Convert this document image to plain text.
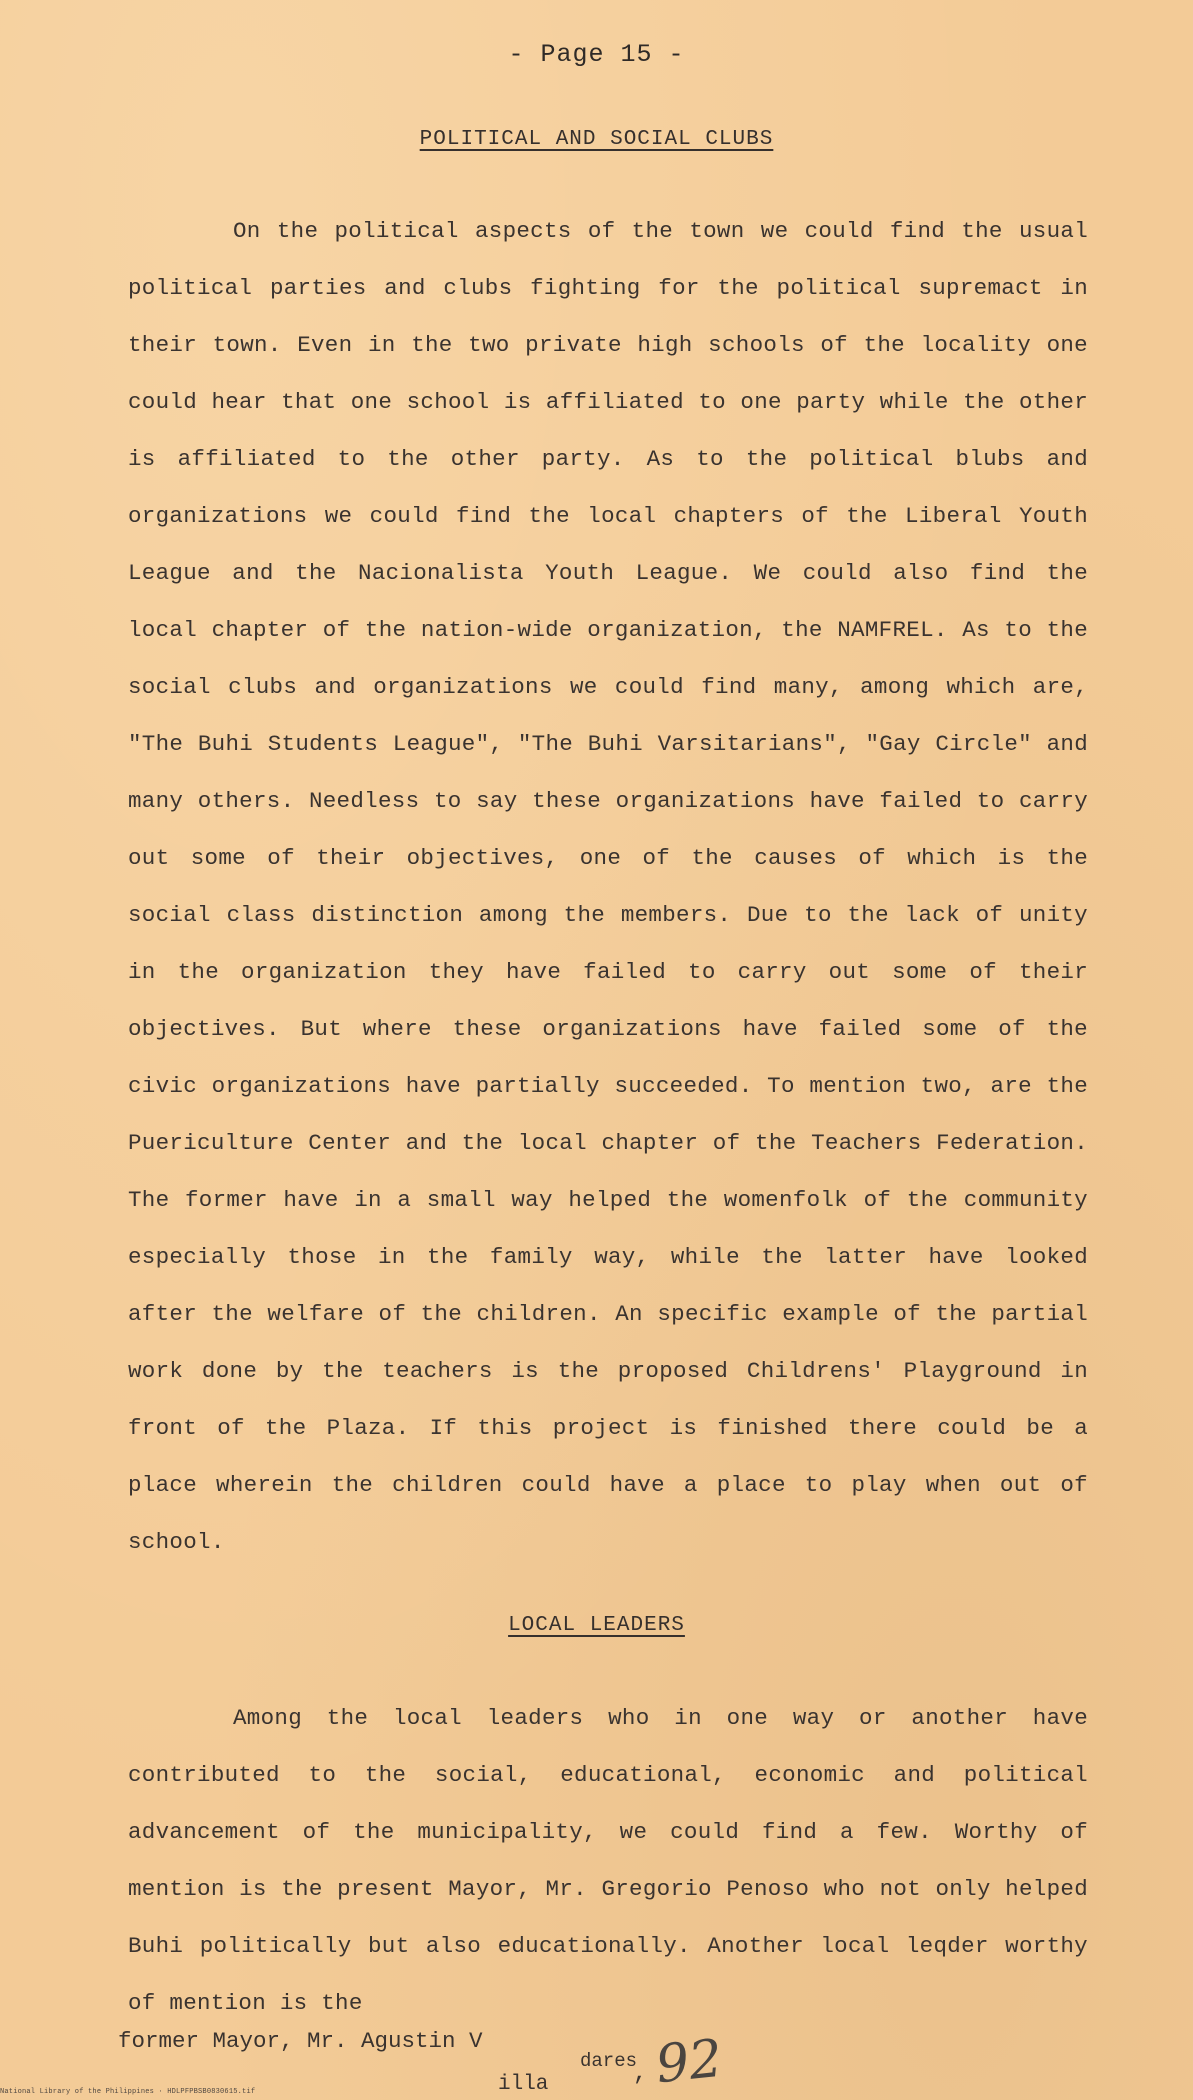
- Page 15 -
POLITICAL AND SOCIAL CLUBS

On the political aspects of the town we could find the usual political parties and clubs fighting for the political supremact in their town. Even in the two private high schools of the locality one could hear that one school is affiliated to one party while the other is affiliated to the other party. As to the political blubs and organizations we could find the local chapters of the Liberal Youth League and the Nacionalista Youth League. We could also find the local chapter of the nation-wide organization, the NAMFREL. As to the social clubs and organizations we could find many, among which are, "The Buhi Students League", "The Buhi Varsitarians", "Gay Circle" and many others. Needless to say these organizations have failed to carry out some of their objectives, one of the causes of which is the social class distinction among the members. Due to the lack of unity in the organization they have failed to carry out some of their objectives. But where these organizations have failed some of the civic organizations have partially succeeded. To mention two, are the Puericulture Center and the local chapter of the Teachers Federation. The former have in a small way helped the womenfolk of the community especially those in the family way, while the latter have looked after the welfare of the children. An specific example of the partial work done by the teachers is the proposed Childrens' Playground in front of the Plaza. If this project is finished there could be a place wherein the children could have a place to play when out of school.

LOCAL LEADERS

Among the local leaders who in one way or another have contributed to the social, educational, economic and political advancement of the municipality, we could find a few. Worthy of mention is the present Mayor, Mr. Gregorio Penoso who not only helped Buhi politically but also educationally. Another local leqder worthy of mention is the

former Mayor, Mr. Agustin V
dares
,
illa 92
National Library of the Philippines · HDLPFPBSB0830615.tif
